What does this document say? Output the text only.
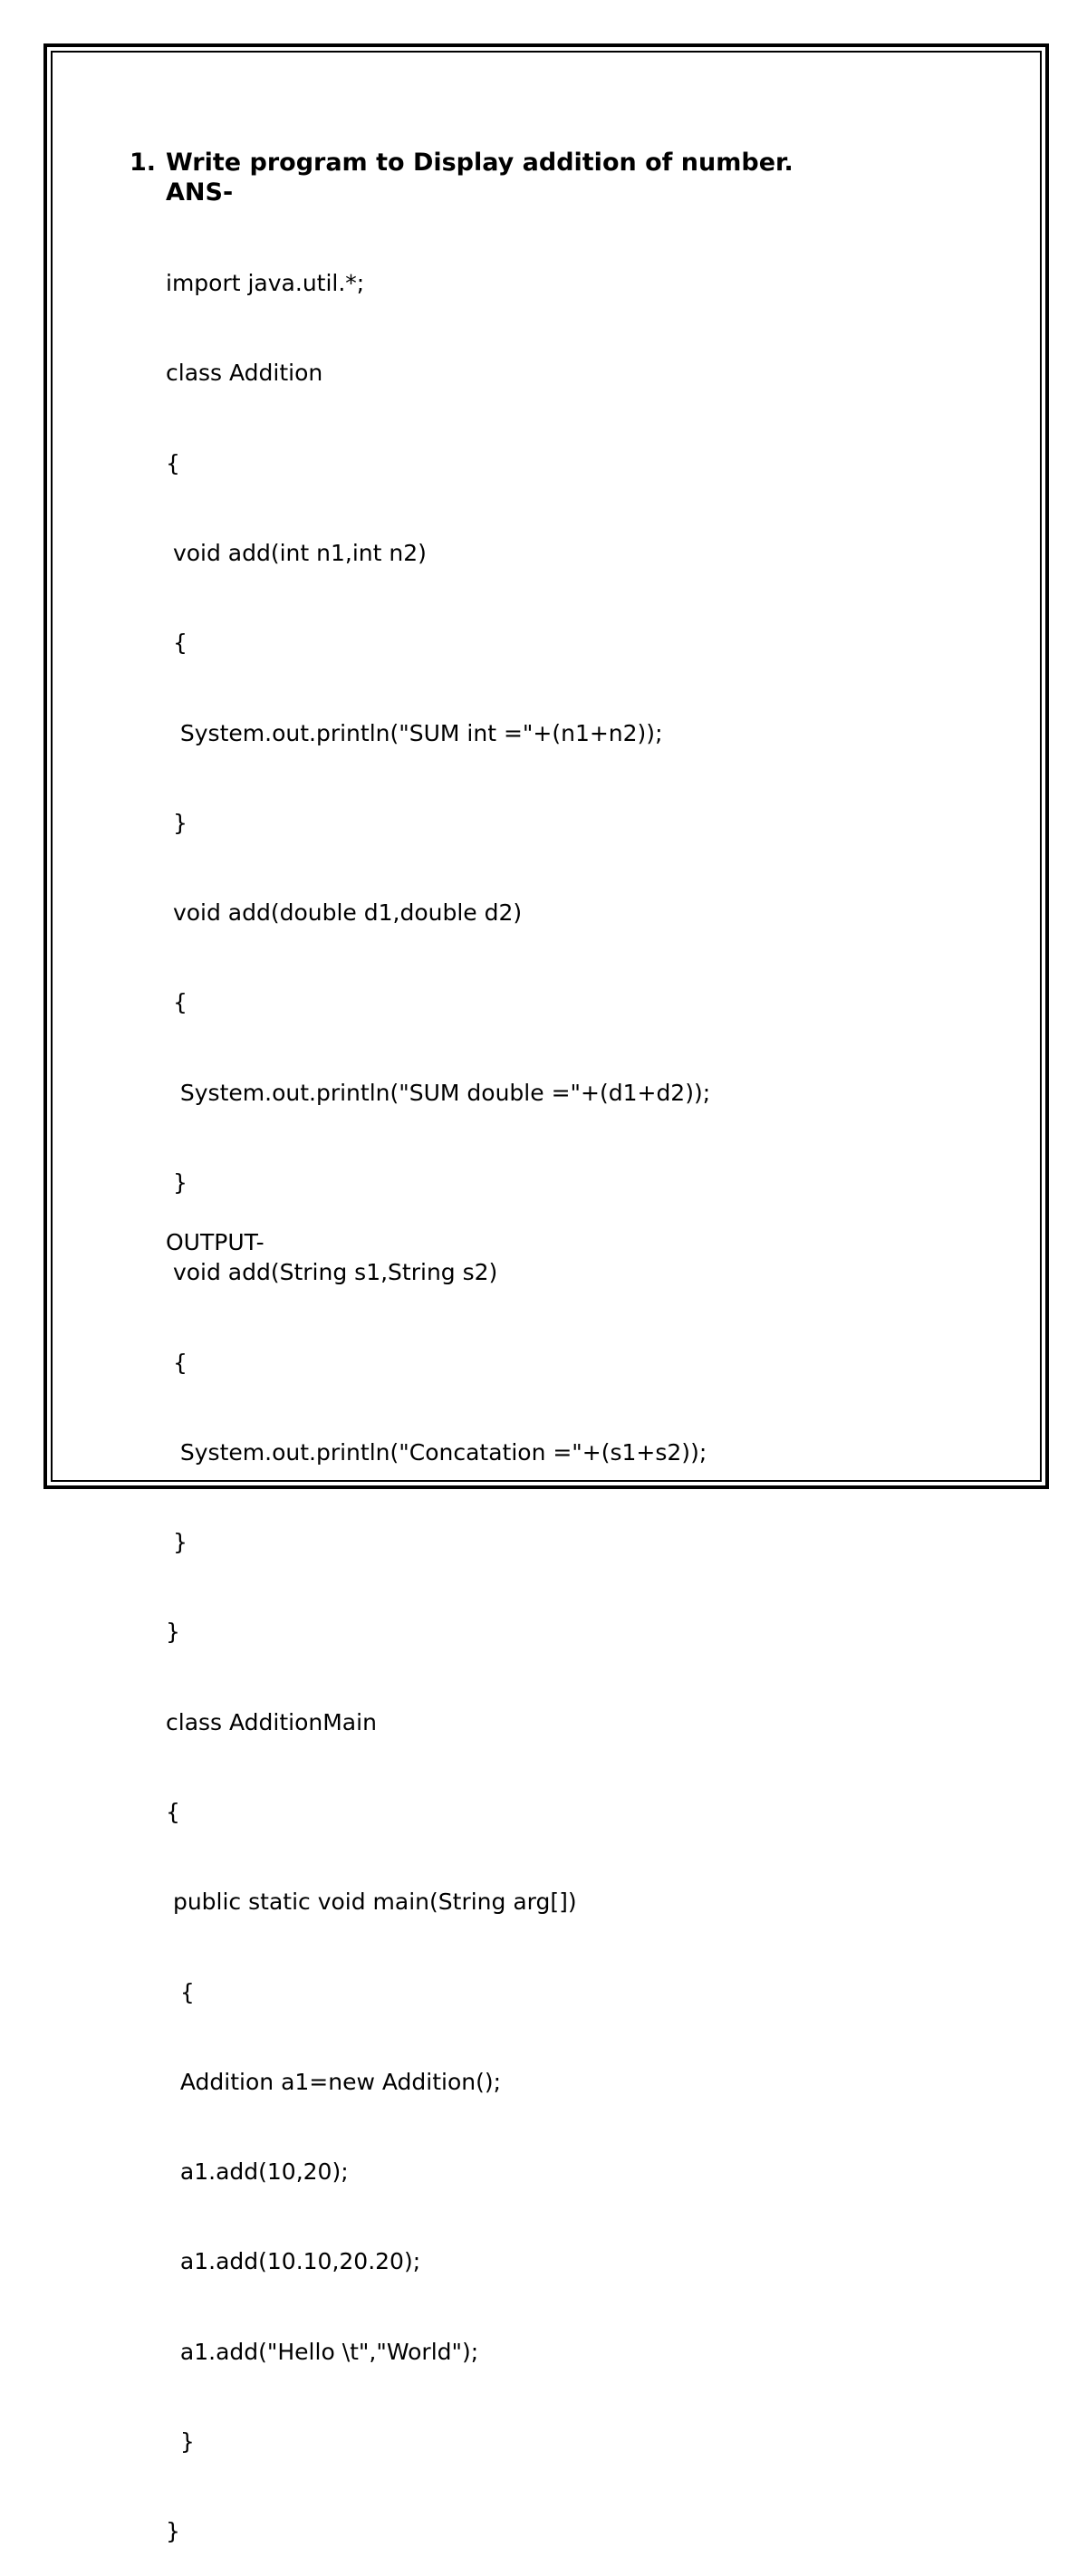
1. Write program to Display addition of number.
ANS-

import java.util.*;

class Addition

{

void add(int n1,int n2)

{

System.out.println("SUM int ="+(n1+n2));

}

void add(double d1,double d2)

{

System.out.println("SUM double ="+(d1+d2));

}

void add(String s1,String s2)

{

System.out.println("Concatation ="+(s1+s2));

}

}

class AdditionMain

{

public static void main(String arg[])

{

Addition a1=new Addition();

a1.add(10,20);

a1.add(10.10,20.20);

a1.add("Hello \t","World");

}

}

OUTPUT-
